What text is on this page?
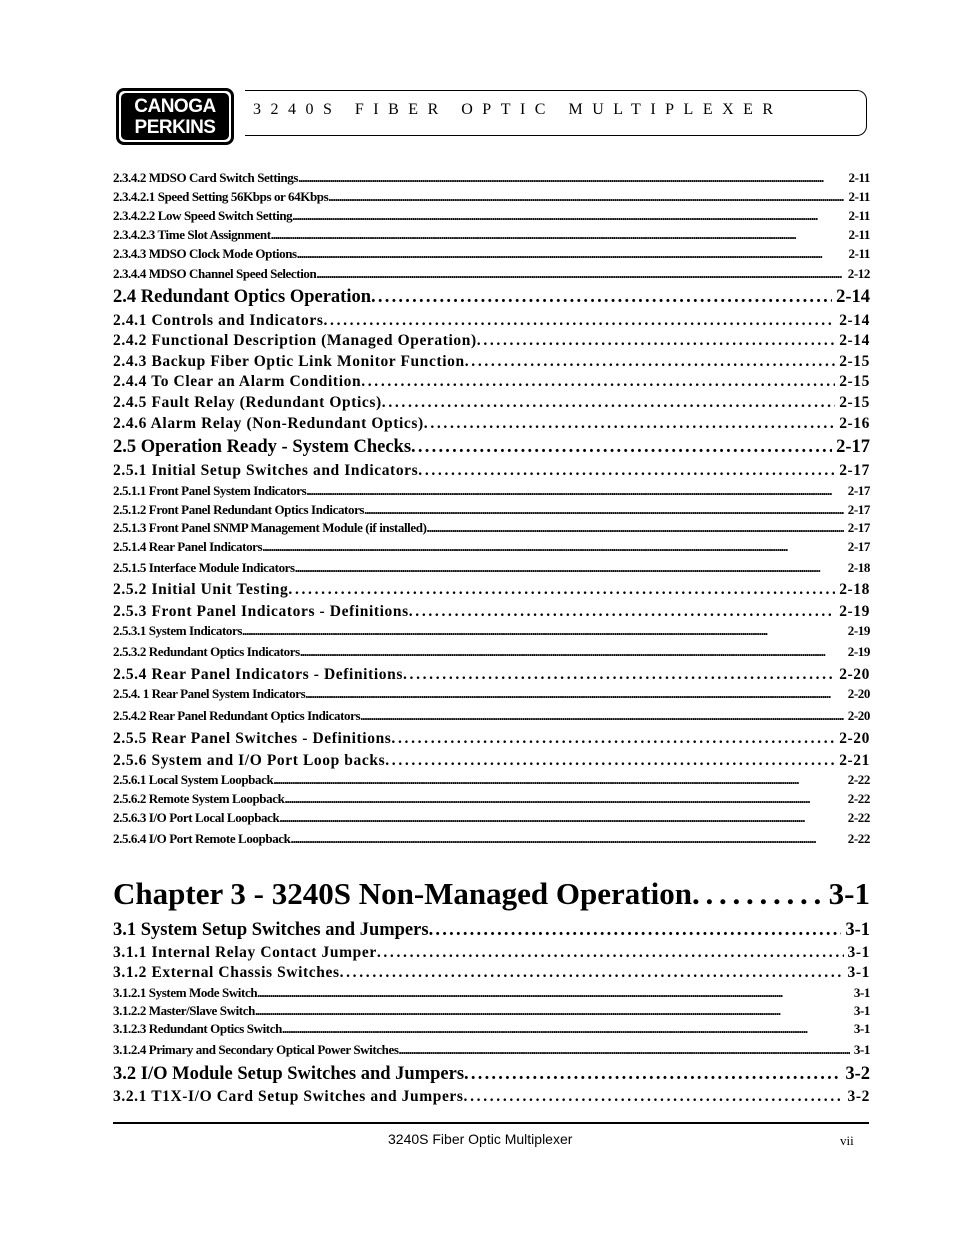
CANOGA
PERKINS
3240S FIBER OPTIC MULTIPLEXER
2.3.4.2 MDSO Card Switch Settings . . .	2-11
2.3.4.2.1 Speed Setting 56Kbps or 64Kbps . . .	2-11
2.3.4.2.2 Low Speed Switch Setting . . .	2-11
2.3.4.2.3 Time Slot Assignment . . .	2-11
2.3.4.3 MDSO Clock Mode Options . . .	2-11
2.3.4.4 MDSO Channel Speed Selection . . .	2-12
2.4 Redundant Optics Operation . . .	2-14
2.4.1 Controls and Indicators . . .	2-14
2.4.2 Functional Description (Managed Operation) . . .	2-14
2.4.3 Backup Fiber Optic Link Monitor Function . . .	2-15
2.4.4 To Clear an Alarm Condition . . .	2-15
2.4.5 Fault Relay (Redundant Optics) . . .	2-15
2.4.6 Alarm Relay (Non-Redundant Optics) . . .	2-16
2.5 Operation Ready - System Checks . . .	2-17
2.5.1 Initial Setup Switches and Indicators . . .	2-17
2.5.1.1 Front Panel System Indicators . . .	2-17
2.5.1.2 Front Panel Redundant Optics Indicators . . .	2-17
2.5.1.3 Front Panel SNMP Management Module (if installed) . . .	2-17
2.5.1.4 Rear Panel Indicators . . .	2-17
2.5.1.5 Interface Module Indicators . . .	2-18
2.5.2 Initial Unit Testing . . .	2-18
2.5.3 Front Panel Indicators - Definitions . . .	2-19
2.5.3.1 System Indicators . . .	2-19
2.5.3.2 Redundant Optics Indicators . . .	2-19
2.5.4 Rear Panel Indicators - Definitions . . .	2-20
2.5.4. 1 Rear Panel System Indicators . . .	2-20
2.5.4.2 Rear Panel Redundant Optics Indicators . . .	2-20
2.5.5 Rear Panel Switches - Definitions . . .	2-20
2.5.6 System and I/O Port Loop backs . . .	2-21
2.5.6.1 Local System Loopback . . .	2-22
2.5.6.2 Remote System Loopback . . .	2-22
2.5.6.3 I/O Port Local Loopback . . .	2-22
2.5.6.4 I/O Port Remote Loopback . . .	2-22
Chapter 3 - 3240S Non-Managed Operation . . .	3-1
3.1 System Setup Switches and Jumpers . . .	3-1
3.1.1 Internal Relay Contact Jumper . . .	3-1
3.1.2 External Chassis Switches . . .	3-1
3.1.2.1 System Mode Switch . . .	3-1
3.1.2.2 Master/Slave Switch . . .	3-1
3.1.2.3 Redundant Optics Switch . . .	3-1
3.1.2.4 Primary and Secondary Optical Power Switches . . .	3-1
3.2 I/O Module Setup Switches and Jumpers . . .	3-2
3.2.1 T1X-I/O Card Setup Switches and Jumpers . . .	3-2
3240S Fiber Optic Multiplexer	vii
